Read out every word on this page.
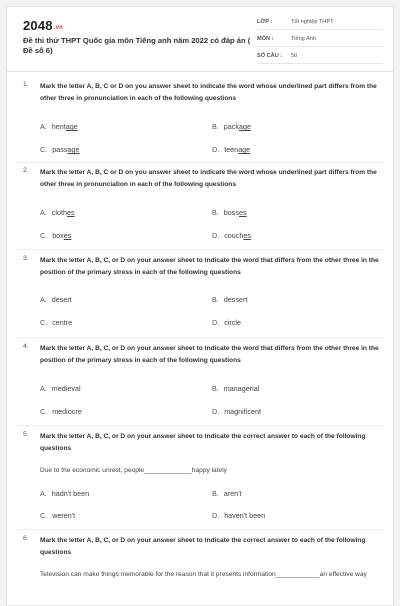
2048.vn
Đề thi thử THPT Quốc gia môn Tiếng anh năm 2022 có đáp án ( Đề số 6)
LỚP :	Tốt nghiệp THPT
MÔN :	Tiếng Anh
SỐ CÂU : 50
1. Mark the letter A, B, C or D on you answer sheet to indicate the word whose underlined part differs from the other three in pronunciation in each of the following questions
A. heritage	B. package
C. passage	D. teenage
2. Mark the letter A, B, C or D on you answer sheet to indicate the word whose underlined part differs from the other three in pronunciation in each of the following questions
A. clothes	B. bosses
C. boxes	D. couches
3. Mark the letter A, B, C, or D on your answer sheet to indicate the word that differs from the other three in the position of the primary stress in each of the following questions
A. desert	B. dessert
C. centre	D. circle
4. Mark the letter A, B, C, or D on your answer sheet to indicate the word that differs from the other three in the position of the primary stress in each of the following questions
A. medieval	B. managerial
C. mediocre	D. magnificent
5. Mark the letter A, B, C, or D on your answer sheet to indicate the correct answer to each of the following questions
Due to the economic unrest, people_____________happy lately
A. hadn't been	B. aren't
C. weren't	D. haven't been
6. Mark the letter A, B, C, or D on your answer sheet to indicate the correct answer to each of the following questions
Television can make things memorable for the reason that it presents information____________an effective way
